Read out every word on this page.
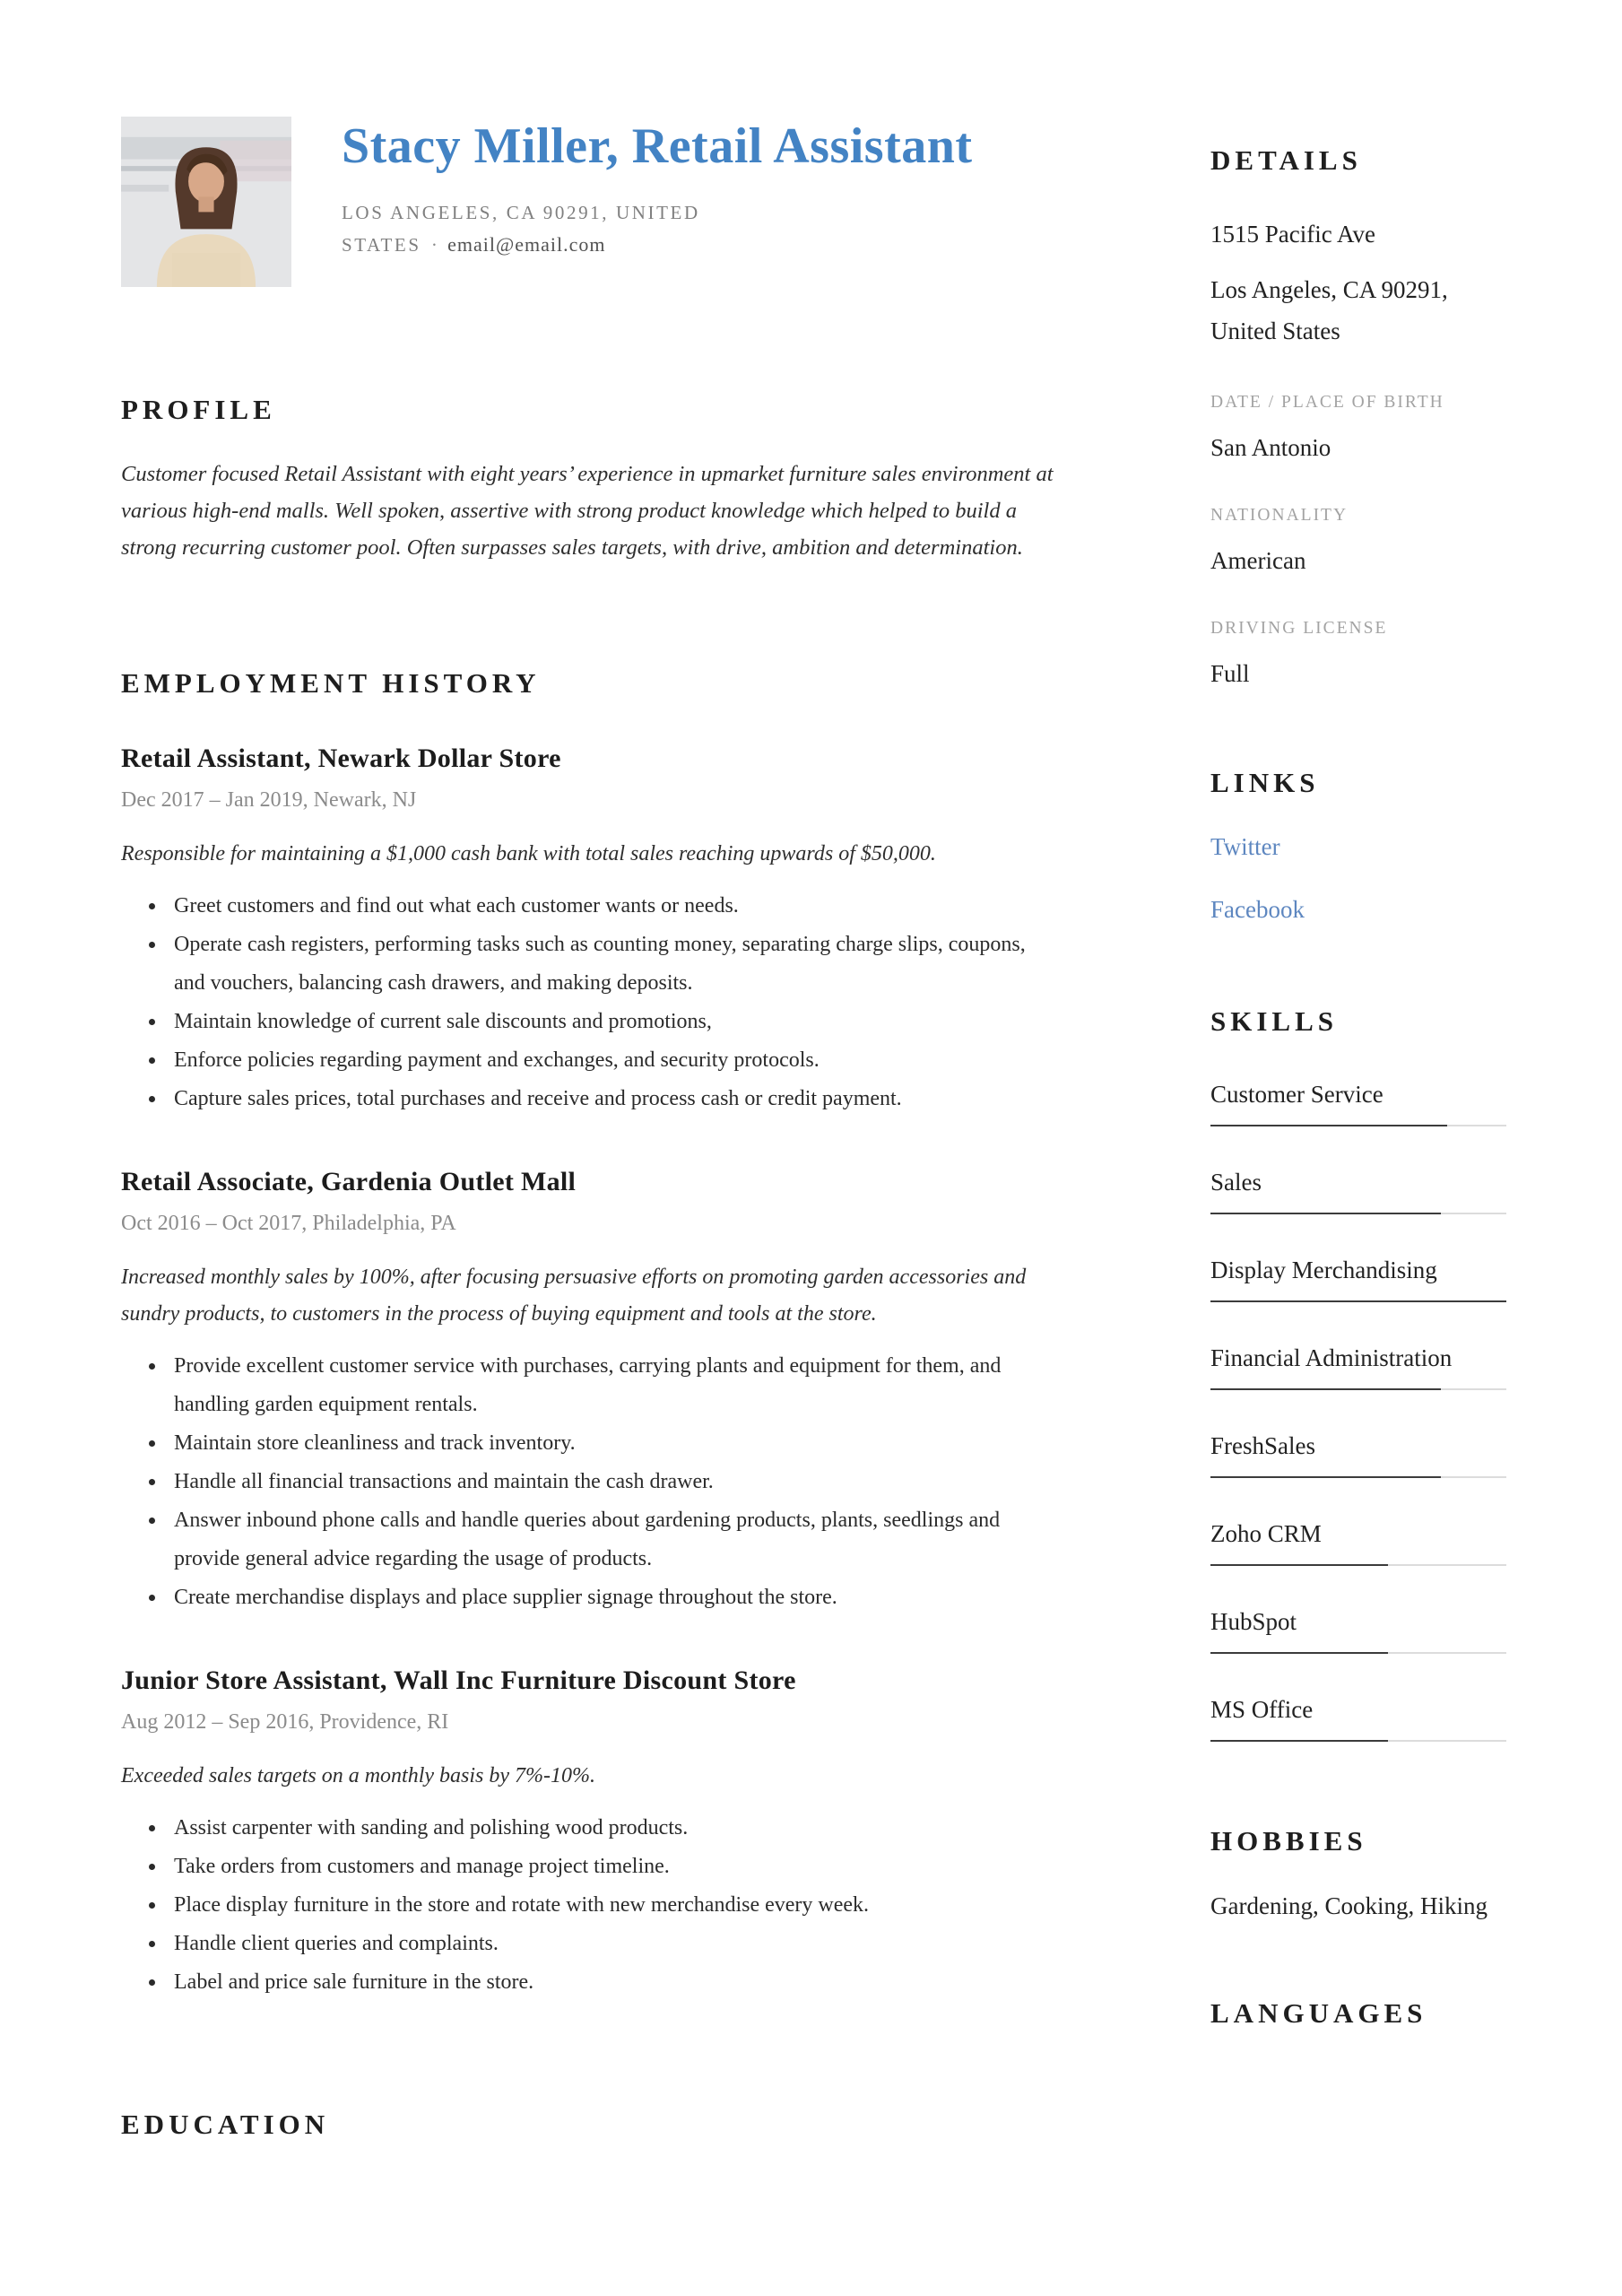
Stacy Miller, Retail Assistant
LOS ANGELES, CA 90291, UNITED STATES · email@email.com
PROFILE

Customer focused Retail Assistant with eight years’ experience in upmarket furniture sales environment at various high-end malls. Well spoken, assertive with strong product knowledge which helped to build a strong recurring customer pool. Often surpasses sales targets, with drive, ambition and determination.

EMPLOYMENT HISTORY
Retail Assistant, Newark Dollar Store
Dec 2017 – Jan 2019, Newark, NJ

Responsible for maintaining a $1,000 cash bank with total sales reaching upwards of $50,000.

Greet customers and find out what each customer wants or needs.
Operate cash registers, performing tasks such as counting money, separating charge slips, coupons, and vouchers, balancing cash drawers, and making deposits.
Maintain knowledge of current sale discounts and promotions,
Enforce policies regarding payment and exchanges, and security protocols.
Capture sales prices, total purchases and receive and process cash or credit payment.
Retail Associate, Gardenia Outlet Mall
Oct 2016 – Oct 2017, Philadelphia, PA

Increased monthly sales by 100%, after focusing persuasive efforts on promoting garden accessories and sundry products, to customers in the process of buying equipment and tools at the store.

Provide excellent customer service with purchases, carrying plants and equipment for them, and handling garden equipment rentals.
Maintain store cleanliness and track inventory.
Handle all financial transactions and maintain the cash drawer.
Answer inbound phone calls and handle queries about gardening products, plants, seedlings and provide general advice regarding the usage of products.
Create merchandise displays and place supplier signage throughout the store.
Junior Store Assistant, Wall Inc Furniture Discount Store
Aug 2012 – Sep 2016, Providence, RI

Exceeded sales targets on a monthly basis by 7%-10%.

Assist carpenter with sanding and polishing wood products.
Take orders from customers and manage project timeline.
Place display furniture in the store and rotate with new merchandise every week.
Handle client queries and complaints.
Label and price sale furniture in the store.
EDUCATION
DETAILS

1515 Pacific Ave

Los Angeles, CA 90291, United States

DATE / PLACE OF BIRTH
San Antonio
NATIONALITY
American
DRIVING LICENSE
Full
LINKS
Twitter
Facebook
SKILLS
Customer Service
Sales
Display Merchandising
Financial Administration
FreshSales
Zoho CRM
HubSpot
MS Office
HOBBIES

Gardening, Cooking, Hiking

LANGUAGES
